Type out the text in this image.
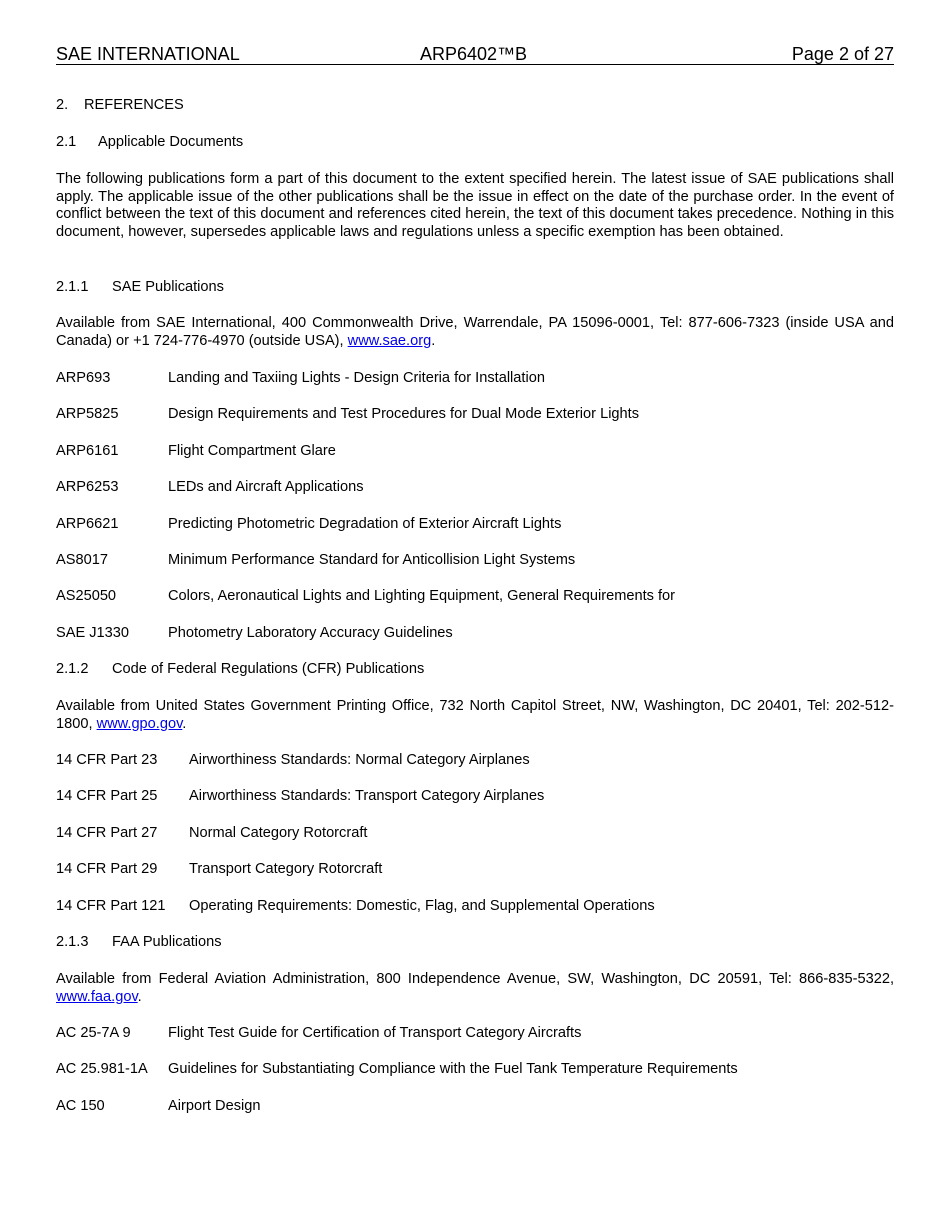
SAE INTERNATIONAL	ARP6402™B	Page 2 of 27
2. REFERENCES
2.1 Applicable Documents
The following publications form a part of this document to the extent specified herein. The latest issue of SAE publications shall apply. The applicable issue of the other publications shall be the issue in effect on the date of the purchase order. In the event of conflict between the text of this document and references cited herein, the text of this document takes precedence. Nothing in this document, however, supersedes applicable laws and regulations unless a specific exemption has been obtained.
2.1.1 SAE Publications
Available from SAE International, 400 Commonwealth Drive, Warrendale, PA 15096-0001, Tel: 877-606-7323 (inside USA and Canada) or +1 724-776-4970 (outside USA), www.sae.org.
ARP693	Landing and Taxiing Lights - Design Criteria for Installation
ARP5825	Design Requirements and Test Procedures for Dual Mode Exterior Lights
ARP6161	Flight Compartment Glare
ARP6253	LEDs and Aircraft Applications
ARP6621	Predicting Photometric Degradation of Exterior Aircraft Lights
AS8017	Minimum Performance Standard for Anticollision Light Systems
AS25050	Colors, Aeronautical Lights and Lighting Equipment, General Requirements for
SAE J1330	Photometry Laboratory Accuracy Guidelines
2.1.2 Code of Federal Regulations (CFR) Publications
Available from United States Government Printing Office, 732 North Capitol Street, NW, Washington, DC 20401, Tel: 202-512-1800, www.gpo.gov.
14 CFR Part 23 Airworthiness Standards: Normal Category Airplanes
14 CFR Part 25 Airworthiness Standards: Transport Category Airplanes
14 CFR Part 27 Normal Category Rotorcraft
14 CFR Part 29 Transport Category Rotorcraft
14 CFR Part 121 Operating Requirements: Domestic, Flag, and Supplemental Operations
2.1.3 FAA Publications
Available from Federal Aviation Administration, 800 Independence Avenue, SW, Washington, DC 20591, Tel: 866-835-5322, www.faa.gov.
AC 25-7A 9	Flight Test Guide for Certification of Transport Category Aircrafts
AC 25.981-1A Guidelines for Substantiating Compliance with the Fuel Tank Temperature Requirements
AC 150	Airport Design
